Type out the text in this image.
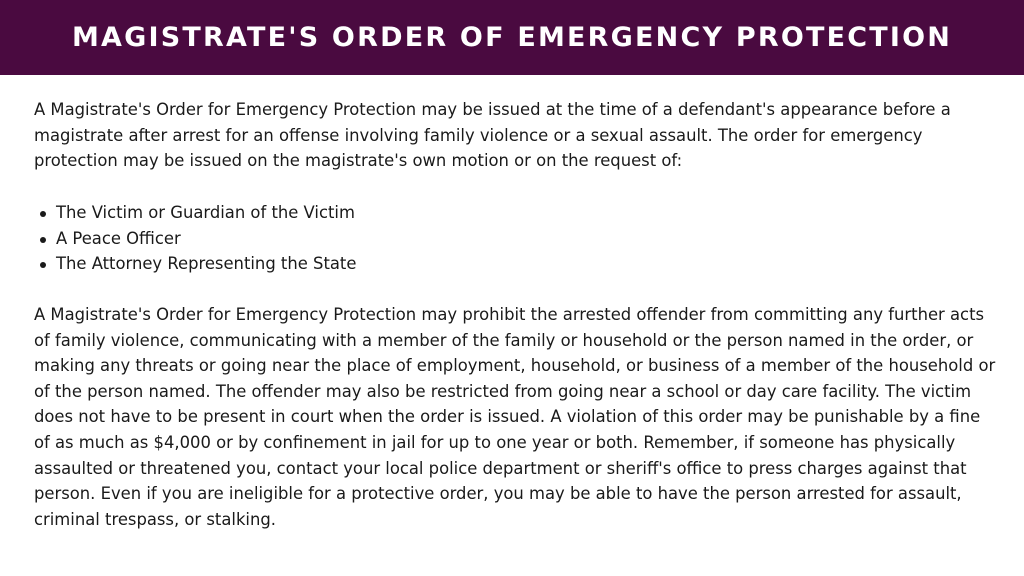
MAGISTRATE'S ORDER OF EMERGENCY PROTECTION

A Magistrate's Order for Emergency Protection may be issued at the time of a defendant's appearance before a magistrate after arrest for an offense involving family violence or a sexual assault. The order for emergency protection may be issued on the magistrate's own motion or on the request of:

The Victim or Guardian of the Victim
A Peace Officer
The Attorney Representing the State

A Magistrate's Order for Emergency Protection may prohibit the arrested offender from committing any further acts of family violence, communicating with a member of the family or household or the person named in the order, or making any threats or going near the place of employment, household, or business of a member of the household or of the person named. The offender may also be restricted from going near a school or day care facility. The victim does not have to be present in court when the order is issued. A violation of this order may be punishable by a fine of as much as $4,000 or by confinement in jail for up to one year or both. Remember, if someone has physically assaulted or threatened you, contact your local police department or sheriff's office to press charges against that person. Even if you are ineligible for a protective order, you may be able to have the person arrested for assault, criminal trespass, or stalking.
